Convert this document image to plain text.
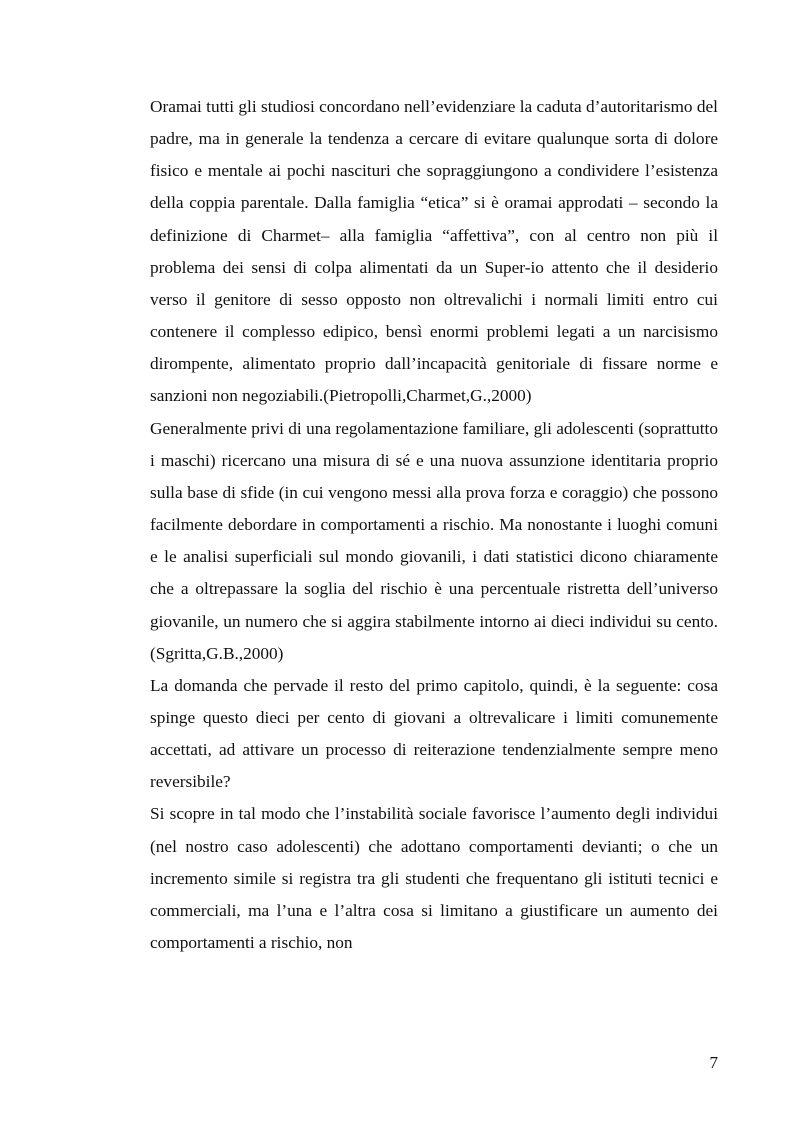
Oramai tutti gli studiosi concordano nell’evidenziare la caduta d’autoritarismo del padre, ma in generale la tendenza a cercare di evitare qualunque sorta di dolore fisico e mentale ai pochi nascituri che sopraggiungono a condividere l’esistenza della coppia parentale. Dalla famiglia “etica” si è oramai approdati – secondo la definizione di Charmet– alla famiglia “affettiva”, con al centro non più il problema dei sensi di colpa alimentati da un Super-io attento che il desiderio verso il genitore di sesso opposto non oltrevalichi i normali limiti entro cui contenere il complesso edipico, bensì enormi problemi legati a un narcisismo dirompente, alimentato proprio dall’incapacità genitoriale di fissare norme e sanzioni non negoziabili.(Pietropolli,Charmet,G.,2000)

Generalmente privi di una regolamentazione familiare, gli adolescenti (soprattutto i maschi) ricercano una misura di sé e una nuova assunzione identitaria proprio sulla base di sfide (in cui vengono messi alla prova forza e coraggio) che possono facilmente debordare in comportamenti a rischio. Ma nonostante i luoghi comuni e le analisi superficiali sul mondo giovanili, i dati statistici dicono chiaramente che a oltrepassare la soglia del rischio è una percentuale ristretta dell’universo giovanile, un numero che si aggira stabilmente intorno ai dieci individui su cento.(Sgritta,G.B.,2000)

La domanda che pervade il resto del primo capitolo, quindi, è la seguente: cosa spinge questo dieci per cento di giovani a oltrevalicare i limiti comunemente accettati, ad attivare un processo di reiterazione tendenzialmente sempre meno reversibile?

Si scopre in tal modo che l’instabilità sociale favorisce l’aumento degli individui (nel nostro caso adolescenti) che adottano comportamenti devianti; o che un incremento simile si registra tra gli studenti che frequentano gli istituti tecnici e commerciali, ma l’una e l’altra cosa si limitano a giustificare un aumento dei comportamenti a rischio, non

7
